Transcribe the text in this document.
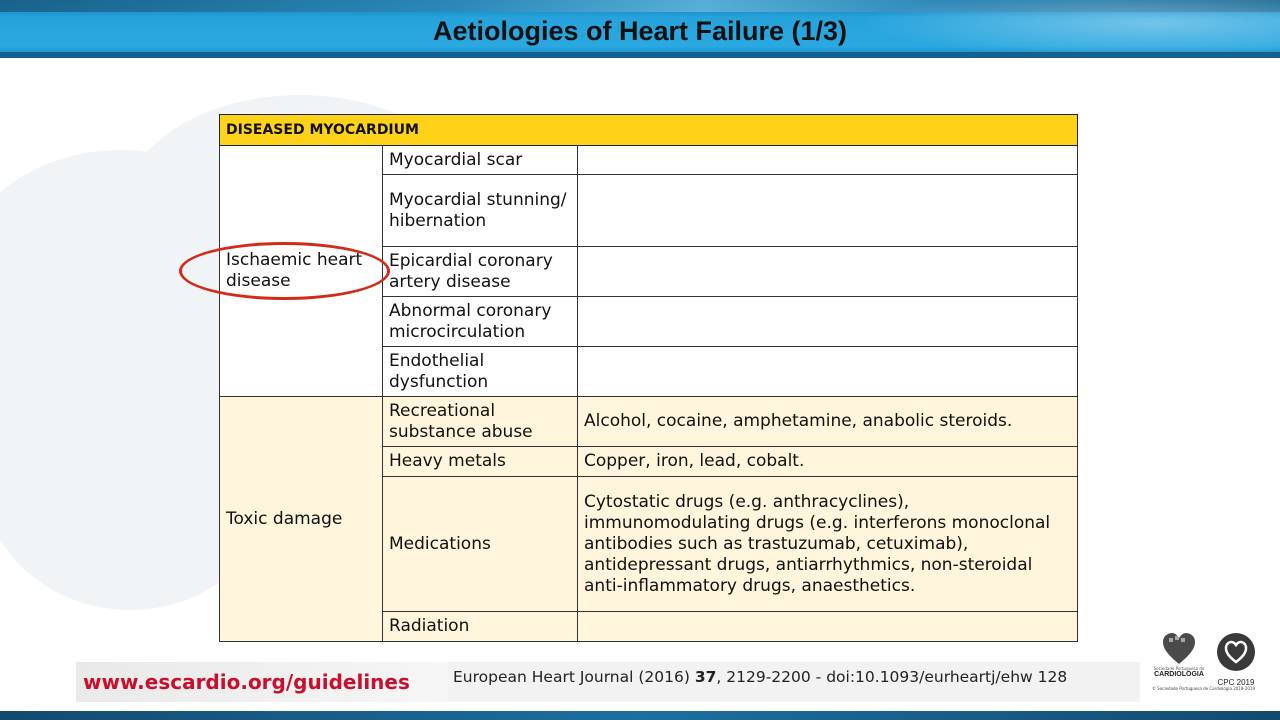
Aetiologies of Heart Failure (1/3)
DISEASED MYOCARDIUM		
Ischaemic heart disease	Myocardial scar	
	Myocardial stunning/ hibernation	
	Epicardial coronary artery disease	
	Abnormal coronary microcirculation	
	Endothelial dysfunction	
Toxic damage	Recreational substance abuse	Alcohol, cocaine, amphetamine, anabolic steroids.
	Heavy metals	Copper, iron, lead, cobalt.
	Medications	Cytostatic drugs (e.g. anthracyclines), immunomodulating drugs (e.g. interferons monoclonal antibodies such as trastuzumab, cetuximab), antidepressant drugs, antiarrhythmics, non-steroidal anti-inflammatory drugs, anaesthetics.
	Radiation	
www.escardio.org/guidelines	European Heart Journal (2016) 37, 2129-2200 - doi:10.1093/eurheartj/ehw 128	Sociedade Portuguesa de
CARDIOLOGIA
CPC 2019
© Sociedade Portuguesa de Cardiologia 2018-2019
